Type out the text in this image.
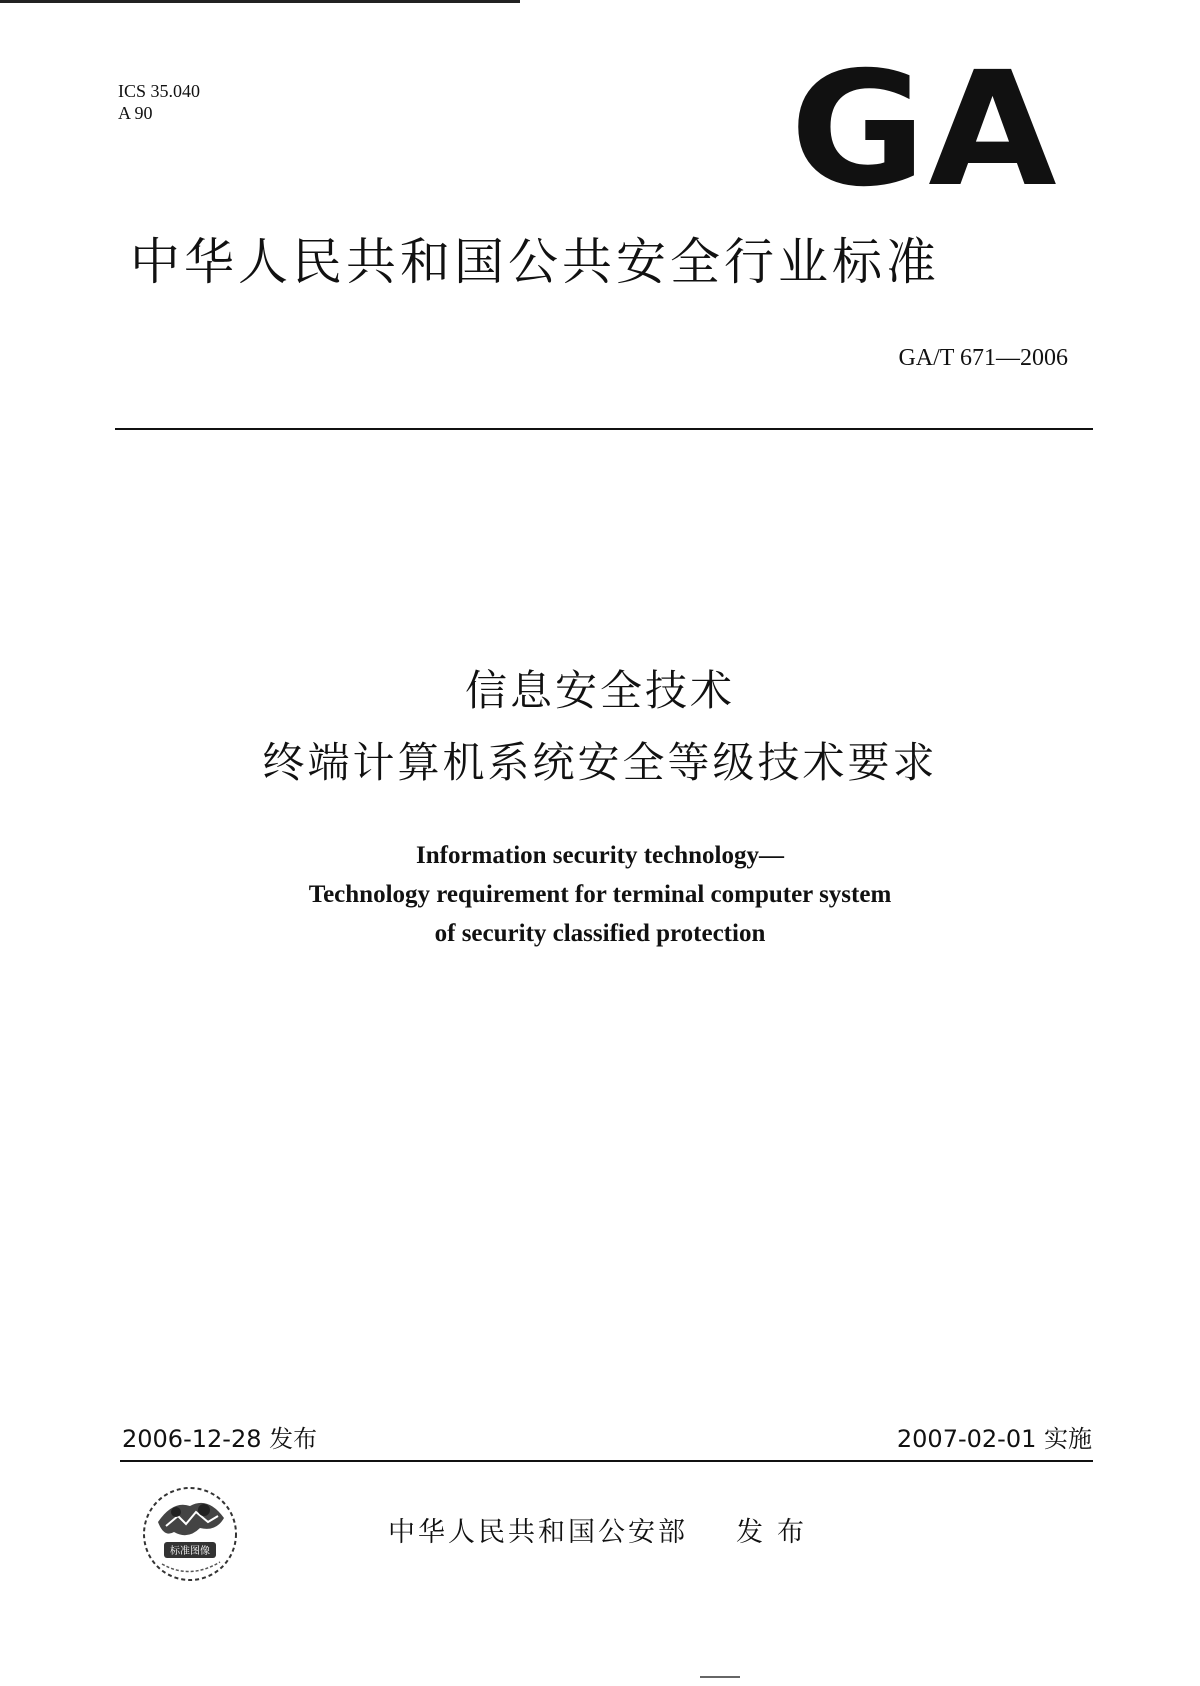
ICS 35.040
A 90	GA
中华人民共和国公共安全行业标准
GA/T 671—2006
信息安全技术
终端计算机系统安全等级技术要求
Information security technology—
Technology requirement for terminal computer system
of security classified protection
2006-12-28 发布	2007-02-01 实施
标准图像
中华人民共和国公安部 发布
